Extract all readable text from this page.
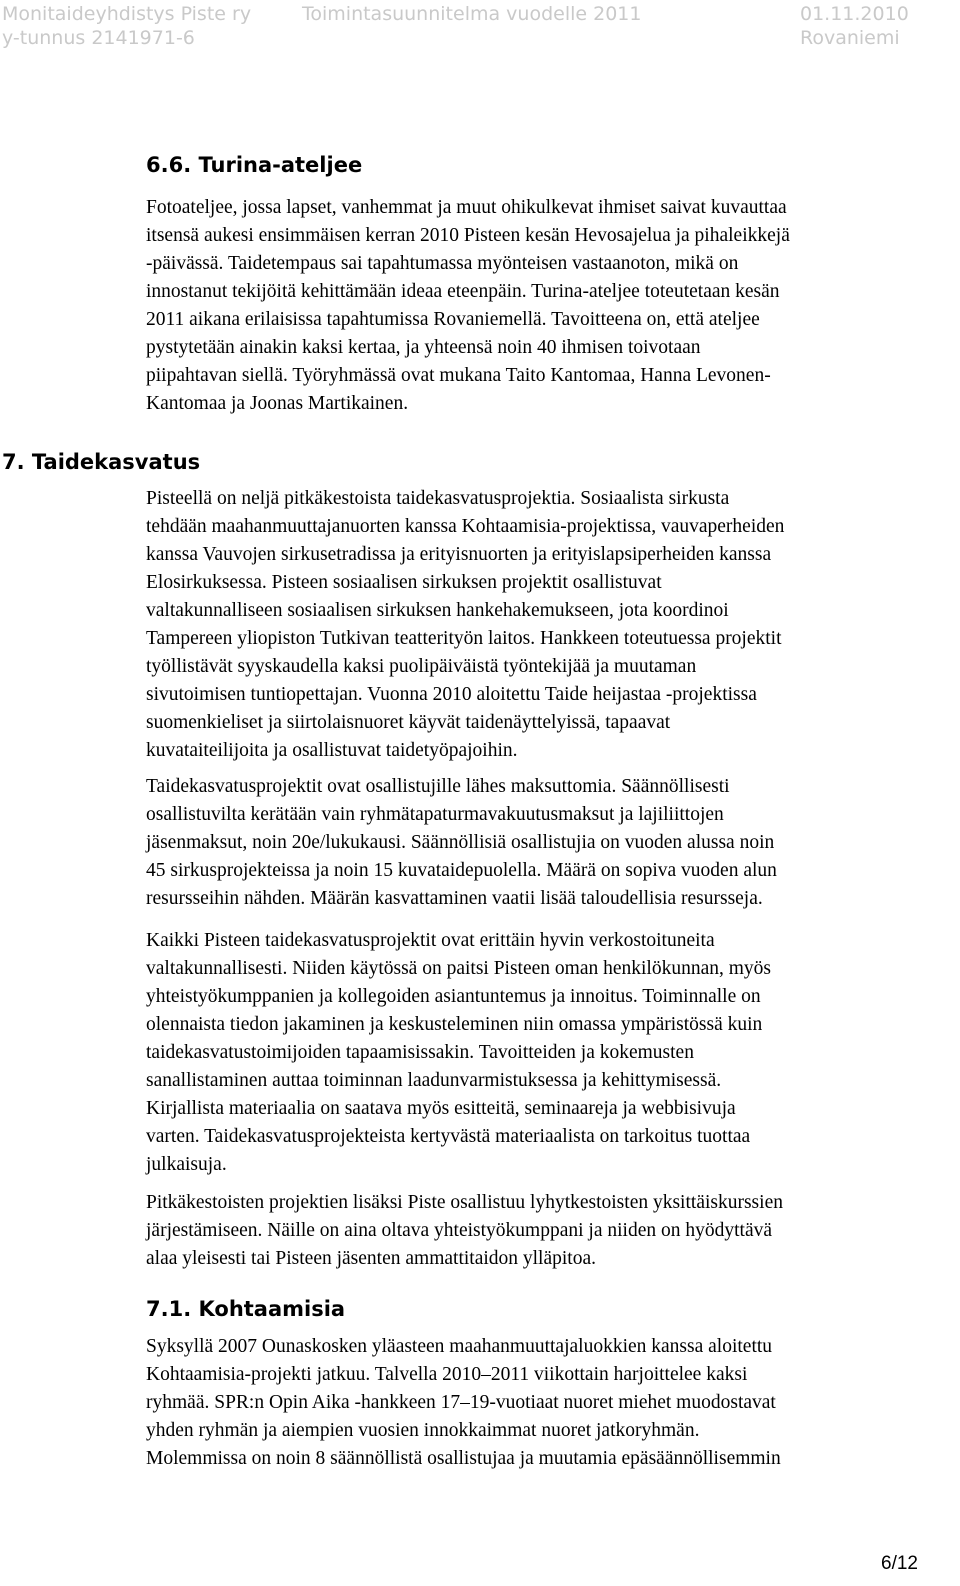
Monitaideyhdistys Piste ry	Toimintasuunnitelma vuodelle 2011	01.11.2010
y-tunnus 2141971-6	Rovaniemi
6.6. Turina-ateljee
Fotoateljee, jossa lapset, vanhemmat ja muut ohikulkevat ihmiset saivat kuvauttaa
itsensä aukesi ensimmäisen kerran 2010 Pisteen kesän Hevosajelua ja pihaleikkejä
-päivässä. Taidetempaus sai tapahtumassa myönteisen vastaanoton, mikä on
innostanut tekijöitä kehittämään ideaa eteenpäin. Turina-ateljee toteutetaan kesän
2011 aikana erilaisissa tapahtumissa Rovaniemellä. Tavoitteena on, että ateljee
pystytetään ainakin kaksi kertaa, ja yhteensä noin 40 ihmisen toivotaan
piipahtavan siellä. Työryhmässä ovat mukana Taito Kantomaa, Hanna Levonen-
Kantomaa ja Joonas Martikainen.
7. Taidekasvatus
Pisteellä on neljä pitkäkestoista taidekasvatusprojektia. Sosiaalista sirkusta
tehdään maahanmuuttajanuorten kanssa Kohtaamisia-projektissa, vauvaperheiden
kanssa Vauvojen sirkusetradissa ja erityisnuorten ja erityislapsiperheiden kanssa
Elosirkuksessa. Pisteen sosiaalisen sirkuksen projektit osallistuvat
valtakunnalliseen sosiaalisen sirkuksen hankehakemukseen, jota koordinoi
Tampereen yliopiston Tutkivan teatterityön laitos. Hankkeen toteutuessa projektit
työllistävät syyskaudella kaksi puolipäiväistä työntekijää ja muutaman
sivutoimisen tuntiopettajan. Vuonna 2010 aloitettu Taide heijastaa -projektissa
suomenkieliset ja siirtolaisnuoret käyvät taidenäyttelyissä, tapaavat
kuvataiteilijoita ja osallistuvat taidetyöpajoihin.
Taidekasvatusprojektit ovat osallistujille lähes maksuttomia. Säännöllisesti
osallistuvilta kerätään vain ryhmätapaturmavakuutusmaksut ja lajiliittojen
jäsenmaksut, noin 20e/lukukausi. Säännöllisiä osallistujia on vuoden alussa noin
45 sirkusprojekteissa ja noin 15 kuvataidepuolella. Määrä on sopiva vuoden alun
resursseihin nähden. Määrän kasvattaminen vaatii lisää taloudellisia resursseja.
Kaikki Pisteen taidekasvatusprojektit ovat erittäin hyvin verkostoituneita
valtakunnallisesti. Niiden käytössä on paitsi Pisteen oman henkilökunnan, myös
yhteistyökumppanien ja kollegoiden asiantuntemus ja innoitus. Toiminnalle on
olennaista tiedon jakaminen ja keskusteleminen niin omassa ympäristössä kuin
taidekasvatustoimijoiden tapaamisissakin. Tavoitteiden ja kokemusten
sanallistaminen auttaa toiminnan laadunvarmistuksessa ja kehittymisessä.
Kirjallista materiaalia on saatava myös esitteitä, seminaareja ja webbisivuja
varten. Taidekasvatusprojekteista kertyvästä materiaalista on tarkoitus tuottaa
julkaisuja.
Pitkäkestoisten projektien lisäksi Piste osallistuu lyhytkestoisten yksittäiskurssien
järjestämiseen. Näille on aina oltava yhteistyökumppani ja niiden on hyödyttävä
alaa yleisesti tai Pisteen jäsenten ammattitaidon ylläpitoa.
7.1. Kohtaamisia
Syksyllä 2007 Ounaskosken yläasteen maahanmuuttajaluokkien kanssa aloitettu
Kohtaamisia-projekti jatkuu. Talvella 2010–2011 viikottain harjoittelee kaksi
ryhmää. SPR:n Opin Aika -hankkeen 17–19-vuotiaat nuoret miehet muodostavat
yhden ryhmän ja aiempien vuosien innokkaimmat nuoret jatkoryhmän.
Molemmissa on noin 8 säännöllistä osallistujaa ja muutamia epäsäännöllisemmin
6/12
